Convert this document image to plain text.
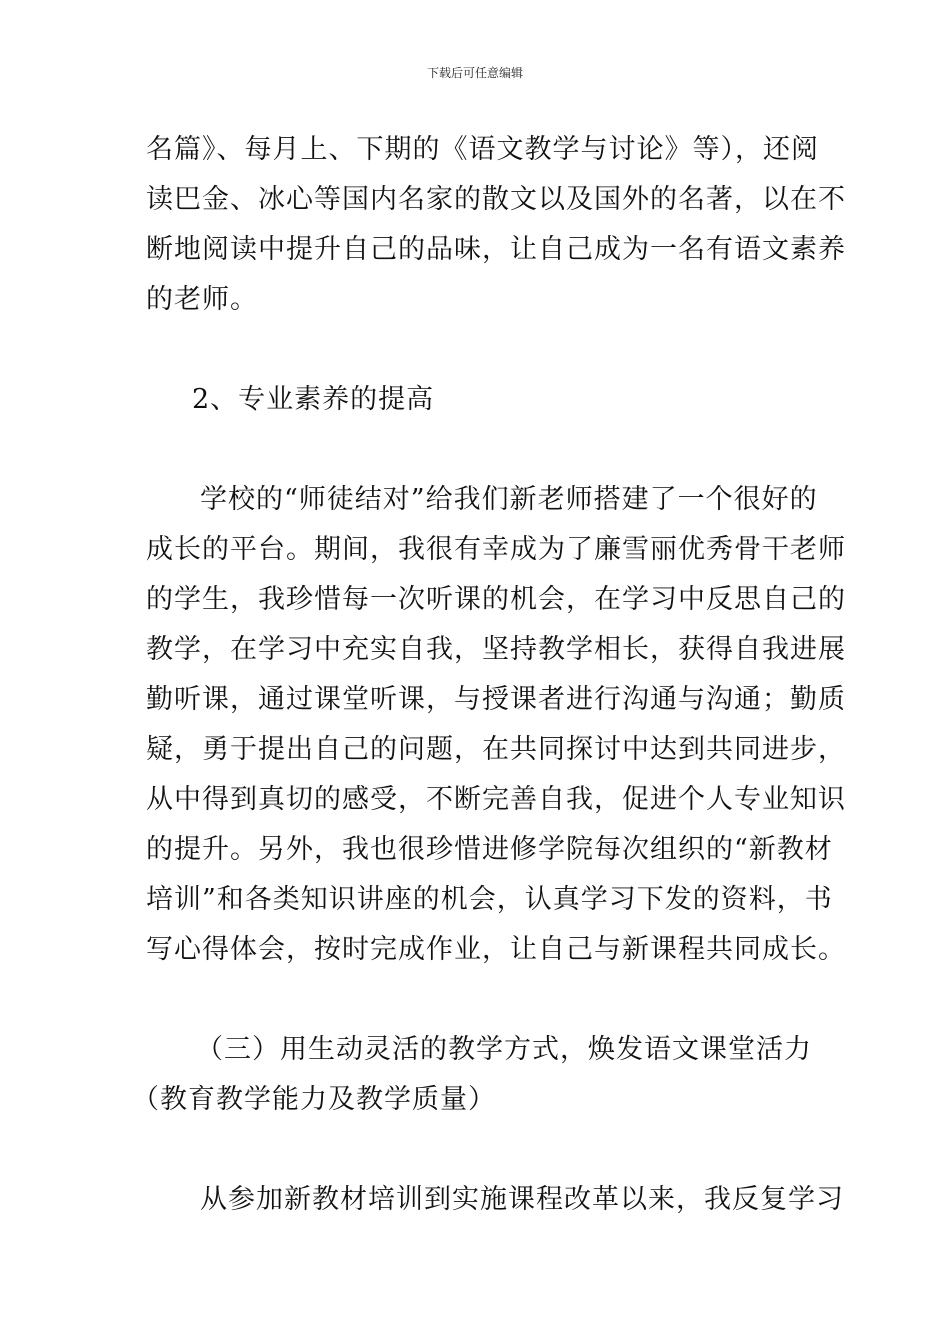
下载后可任意编辑
名篇》、每月上、下期的《语文教学与讨论》等），还阅
读巴金、冰心等国内名家的散文以及国外的名著，以在不
断地阅读中提升自己的品味，让自己成为一名有语文素养
的老师。
2、专业素养的提高
学校的“师徒结对”给我们新老师搭建了一个很好的
成长的平台。期间，我很有幸成为了廉雪丽优秀骨干老师
的学生，我珍惜每一次听课的机会，在学习中反思自己的
教学，在学习中充实自我，坚持教学相长，获得自我进展
勤听课，通过课堂听课，与授课者进行沟通与沟通；勤质
疑，勇于提出自己的问题，在共同探讨中达到共同进步，
从中得到真切的感受，不断完善自我，促进个人专业知识
的提升。另外，我也很珍惜进修学院每次组织的“新教材
培训”和各类知识讲座的机会，认真学习下发的资料，书
写心得体会，按时完成作业，让自己与新课程共同成长。
（三）用生动灵活的教学方式，焕发语文课堂活力
（教育教学能力及教学质量）
从参加新教材培训到实施课程改革以来，我反复学习
